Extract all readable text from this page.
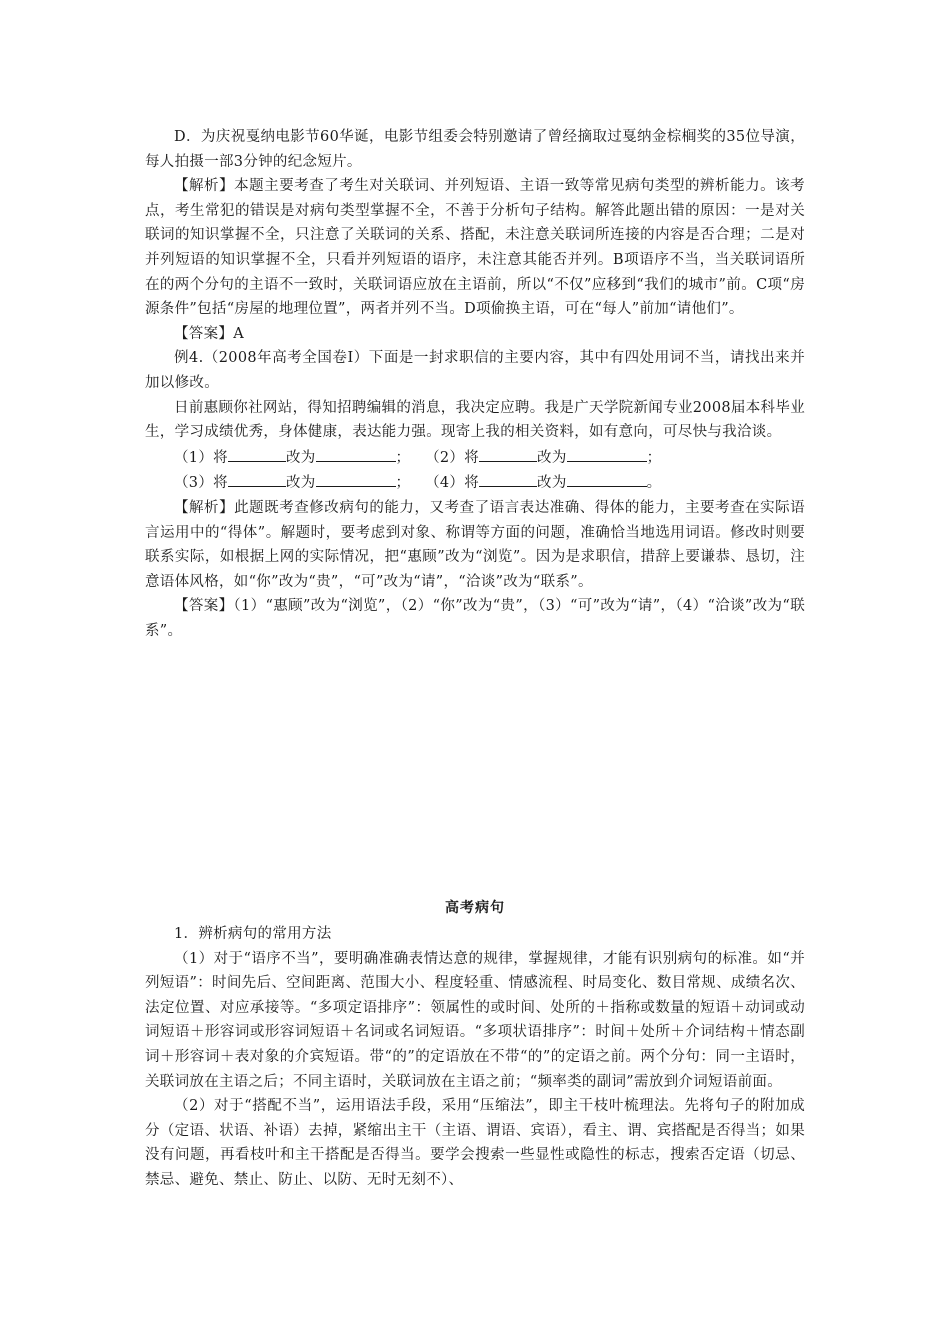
D．为庆祝戛纳电影节60华诞，电影节组委会特别邀请了曾经摘取过戛纳金棕榈奖的35位导演，每人拍摄一部3分钟的纪念短片。

【解析】本题主要考查了考生对关联词、并列短语、主语一致等常见病句类型的辨析能力。该考点，考生常犯的错误是对病句类型掌握不全，不善于分析句子结构。解答此题出错的原因：一是对关联词的知识掌握不全，只注意了关联词的关系、搭配，未注意关联词所连接的内容是否合理；二是对并列短语的知识掌握不全，只看并列短语的语序，未注意其能否并列。B项语序不当，当关联词语所在的两个分句的主语不一致时，关联词语应放在主语前，所以“不仅”应移到“我们的城市”前。C项“房源条件”包括“房屋的地理位置”，两者并列不当。D项偷换主语，可在“每人”前加“请他们”。

【答案】A

例4.（2008年高考全国卷Ⅰ）下面是一封求职信的主要内容，其中有四处用词不当，请找出来并加以修改。

日前惠顾你社网站，得知招聘编辑的消息，我决定应聘。我是广天学院新闻专业2008届本科毕业生，学习成绩优秀，身体健康，表达能力强。现寄上我的相关资料，如有意向，可尽快与我洽谈。

（1）将	改为	； （2）将	改为	；

（3）将	改为	； （4）将	改为	。

【解析】此题既考查修改病句的能力，又考查了语言表达准确、得体的能力，主要考查在实际语言运用中的“得体”。解题时，要考虑到对象、称谓等方面的问题，准确恰当地选用词语。修改时则要联系实际，如根据上网的实际情况，把“惠顾”改为“浏览”。因为是求职信，措辞上要谦恭、恳切，注意语体风格，如“你”改为“贵”，“可”改为“请”，“洽谈”改为“联系”。

【答案】（1）“惠顾”改为“浏览”，（2）“你”改为“贵”，（3）“可”改为“请”，（4）“洽谈”改为“联系”。

高考病句

1．辨析病句的常用方法

（1）对于“语序不当”，要明确准确表情达意的规律，掌握规律，才能有识别病句的标准。如“并列短语”：时间先后、空间距离、范围大小、程度轻重、情感流程、时局变化、数目常规、成绩名次、法定位置、对应承接等。“多项定语排序”：领属性的或时间、处所的＋指称或数量的短语＋动词或动词短语＋形容词或形容词短语＋名词或名词短语。“多项状语排序”：时间＋处所＋介词结构＋情态副词＋形容词＋表对象的介宾短语。带“的”的定语放在不带“的”的定语之前。两个分句：同一主语时，关联词放在主语之后；不同主语时，关联词放在主语之前；“频率类的副词”需放到介词短语前面。

（2）对于“搭配不当”，运用语法手段，采用“压缩法”，即主干枝叶梳理法。先将句子的附加成分（定语、状语、补语）去掉，紧缩出主干（主语、谓语、宾语），看主、谓、宾搭配是否得当；如果没有问题，再看枝叶和主干搭配是否得当。要学会搜索一些显性或隐性的标志，搜索否定语（切忌、禁忌、避免、禁止、防止、以防、无时无刻不）、
